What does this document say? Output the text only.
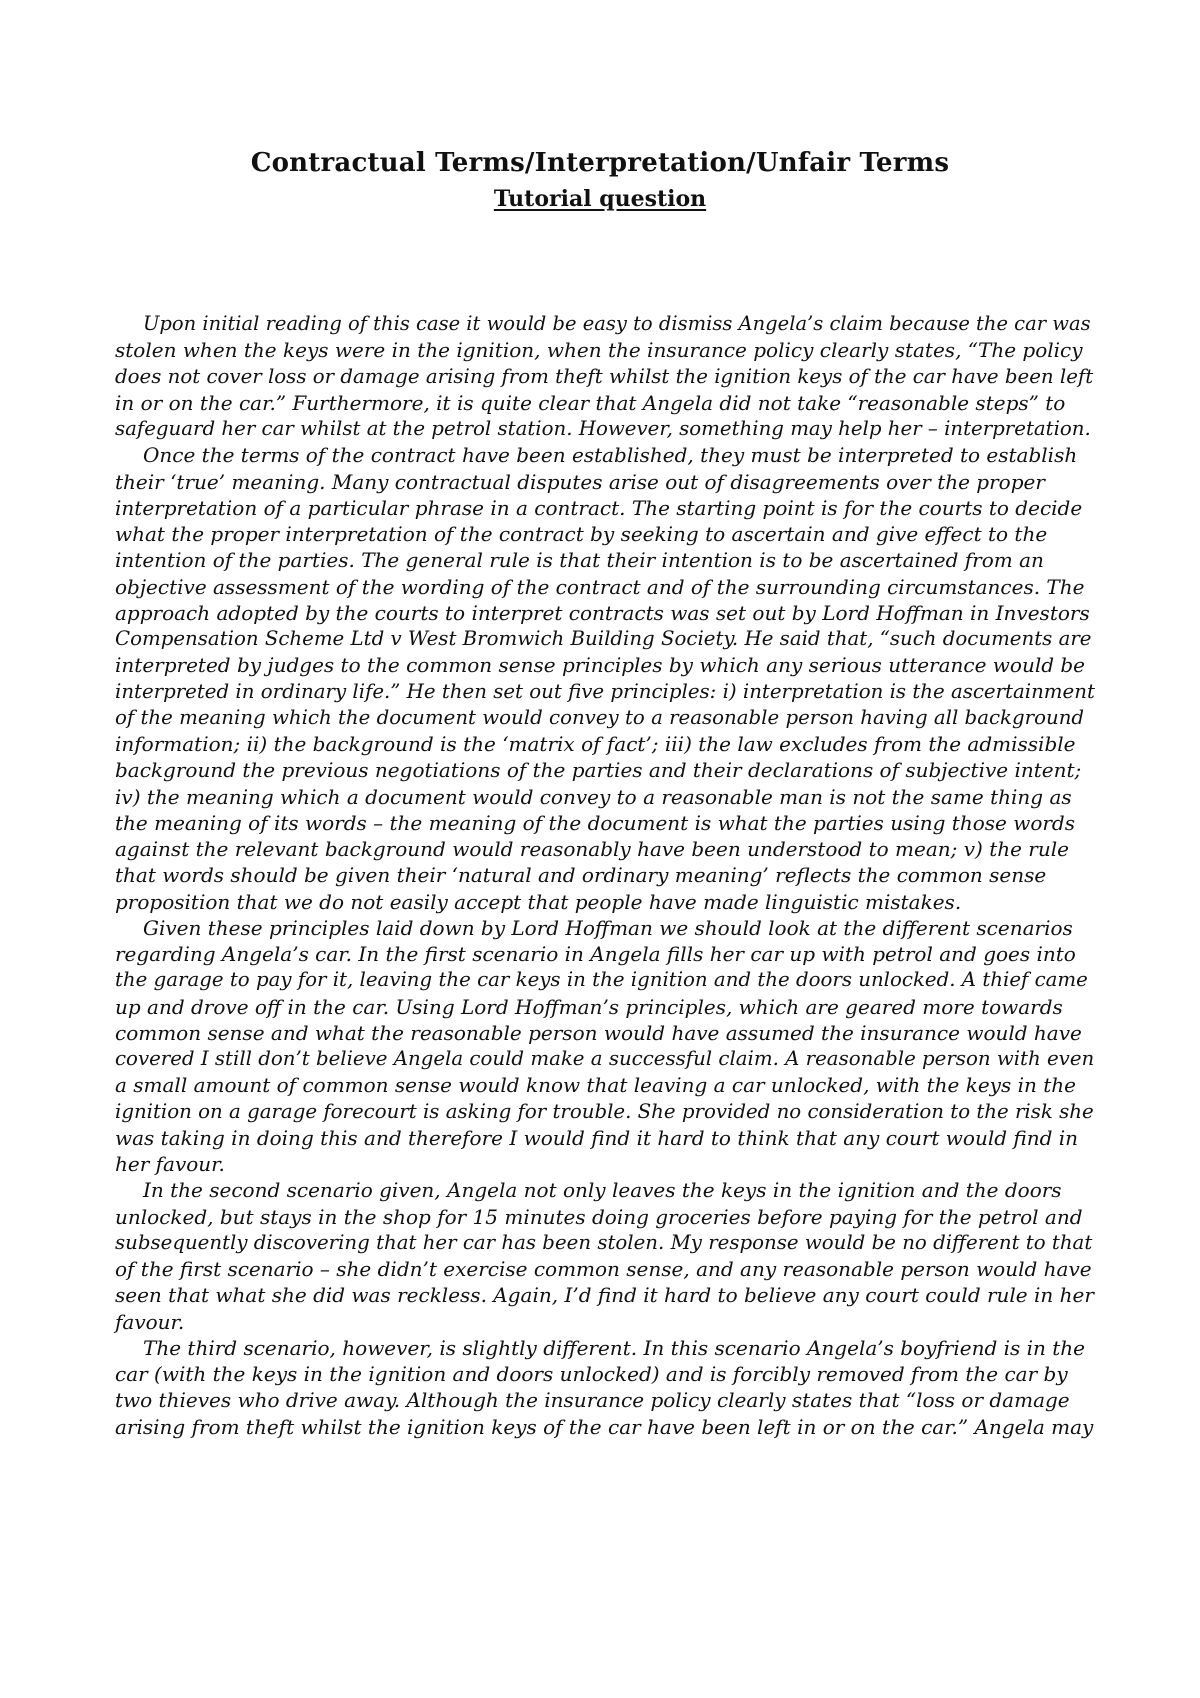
Contractual Terms/Interpretation/Unfair Terms
Tutorial question

Upon initial reading of this case it would be easy to dismiss Angela’s claim because the car was
stolen when the keys were in the ignition, when the insurance policy clearly states, “The policy
does not cover loss or damage arising from theft whilst the ignition keys of the car have been left
in or on the car.” Furthermore, it is quite clear that Angela did not take “reasonable steps” to
safeguard her car whilst at the petrol station. However, something may help her – interpretation.

Once the terms of the contract have been established, they must be interpreted to establish
their ‘true’ meaning. Many contractual disputes arise out of disagreements over the proper
interpretation of a particular phrase in a contract. The starting point is for the courts to decide
what the proper interpretation of the contract by seeking to ascertain and give effect to the
intention of the parties. The general rule is that their intention is to be ascertained from an
objective assessment of the wording of the contract and of the surrounding circumstances. The
approach adopted by the courts to interpret contracts was set out by Lord Hoffman in Investors
Compensation Scheme Ltd v West Bromwich Building Society. He said that, “such documents are
interpreted by judges to the common sense principles by which any serious utterance would be
interpreted in ordinary life.” He then set out five principles: i) interpretation is the ascertainment
of the meaning which the document would convey to a reasonable person having all background
information; ii) the background is the ‘matrix of fact’; iii) the law excludes from the admissible
background the previous negotiations of the parties and their declarations of subjective intent;
iv) the meaning which a document would convey to a reasonable man is not the same thing as
the meaning of its words – the meaning of the document is what the parties using those words
against the relevant background would reasonably have been understood to mean; v) the rule
that words should be given their ‘natural and ordinary meaning’ reflects the common sense
proposition that we do not easily accept that people have made linguistic mistakes.

Given these principles laid down by Lord Hoffman we should look at the different scenarios
regarding Angela’s car. In the first scenario in Angela fills her car up with petrol and goes into
the garage to pay for it, leaving the car keys in the ignition and the doors unlocked. A thief came
up and drove off in the car. Using Lord Hoffman’s principles, which are geared more towards
common sense and what the reasonable person would have assumed the insurance would have
covered I still don’t believe Angela could make a successful claim. A reasonable person with even
a small amount of common sense would know that leaving a car unlocked, with the keys in the
ignition on a garage forecourt is asking for trouble. She provided no consideration to the risk she
was taking in doing this and therefore I would find it hard to think that any court would find in
her favour.

In the second scenario given, Angela not only leaves the keys in the ignition and the doors
unlocked, but stays in the shop for 15 minutes doing groceries before paying for the petrol and
subsequently discovering that her car has been stolen. My response would be no different to that
of the first scenario – she didn’t exercise common sense, and any reasonable person would have
seen that what she did was reckless. Again, I’d find it hard to believe any court could rule in her
favour.

The third scenario, however, is slightly different. In this scenario Angela’s boyfriend is in the
car (with the keys in the ignition and doors unlocked) and is forcibly removed from the car by
two thieves who drive away. Although the insurance policy clearly states that “loss or damage
arising from theft whilst the ignition keys of the car have been left in or on the car.” Angela may
